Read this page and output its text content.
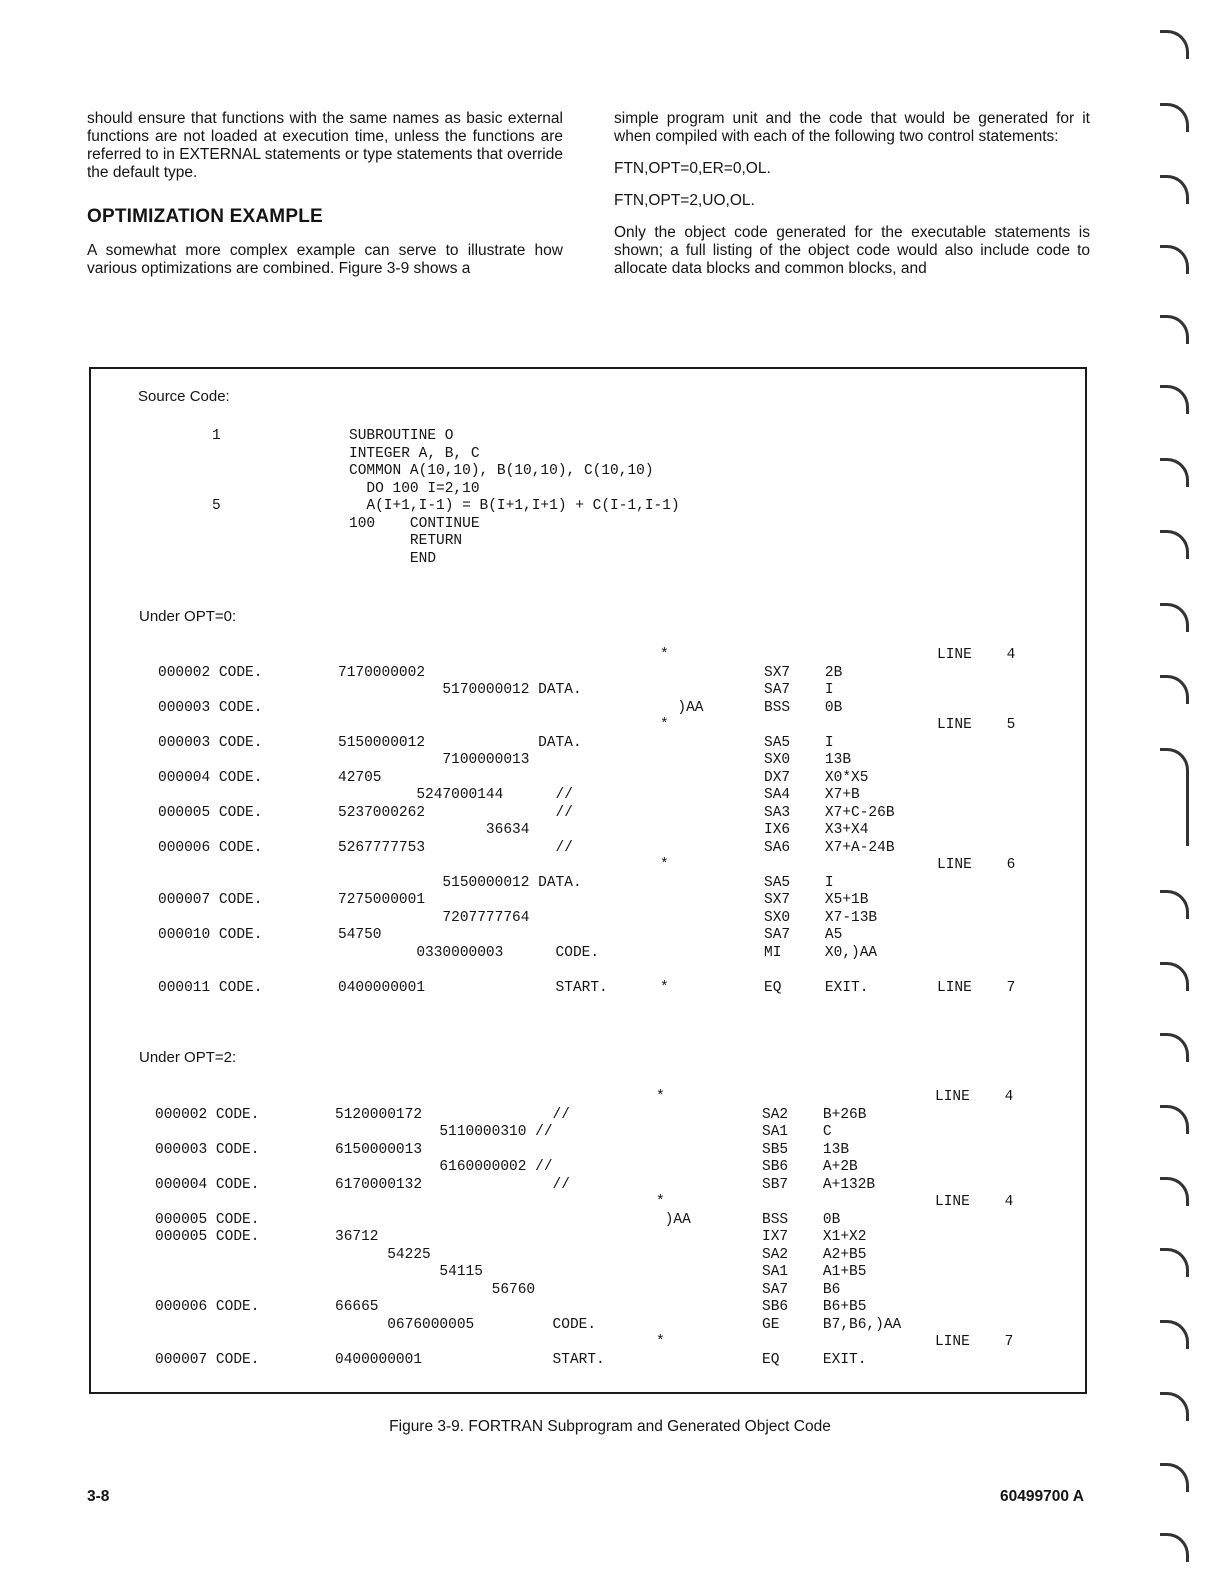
should ensure that functions with the same names as basic external functions are not loaded at execution time, unless the functions are referred to in EXTERNAL statements or type statements that override the default type.

OPTIMIZATION EXAMPLE

A somewhat more complex example can serve to illustrate how various optimizations are combined. Figure 3-9 shows a

simple program unit and the code that would be generated for it when compiled with each of the following two control statements:

FTN,OPT=0,ER=0,OL.

FTN,OPT=2,UO,OL.

Only the object code generated for the executable statements is shown; a full listing of the object code would also include code to allocate data blocks and common blocks, and

Source Code:
1

5
SUBROUTINE O
INTEGER A, B, C
COMMON A(10,10), B(10,10), C(10,10)
DO 100 I=2,10
A(I+1,I-1) = B(I+1,I+1) + C(I-1,I-1)
100    CONTINUE
RETURN
END
Under OPT=0:

000002 CODE.

000003 CODE.

000003 CODE.

000004 CODE.

000005 CODE.

000006 CODE.

000007 CODE.

000010 CODE.

000011 CODE.

7170000002
5170000012 DATA.

5150000012             DATA.
7100000013
42705
5247000144      //
5237000262               //
36634
5267777753               //

5150000012 DATA.
7275000001
7207777764
54750
0330000003      CODE.

0400000001               START.
*

)AA
*

*

*

SX7    2B
SA7    I
BSS    0B

SA5    I
SX0    13B
DX7    X0*X5
SA4    X7+B
SA3    X7+C-26B
IX6    X3+X4
SA6    X7+A-24B

SA5    I
SX7    X5+1B
SX0    X7-13B
SA7    A5
MI     X0,)AA

EQ     EXIT.
LINE    4

LINE    5

LINE    6

LINE    7
Under OPT=2:

000002 CODE.

000003 CODE.

000004 CODE.

000005 CODE.
000005 CODE.

000006 CODE.

000007 CODE.

5120000172               //
5110000310 //
6150000013
6160000002 //
6170000132               //

36712
54225
54115
56760
66665
0676000005         CODE.

0400000001               START.
*

*
)AA

*

SA2    B+26B
SA1    C
SB5    13B
SB6    A+2B
SB7    A+132B

BSS    0B
IX7    X1+X2
SA2    A2+B5
SA1    A1+B5
SA7    B6
SB6    B6+B5
GE     B7,B6,)AA

EQ     EXIT.
LINE    4

LINE    4

LINE    7
Figure 3-9. FORTRAN Subprogram and Generated Object Code
3-8	60499700 A
